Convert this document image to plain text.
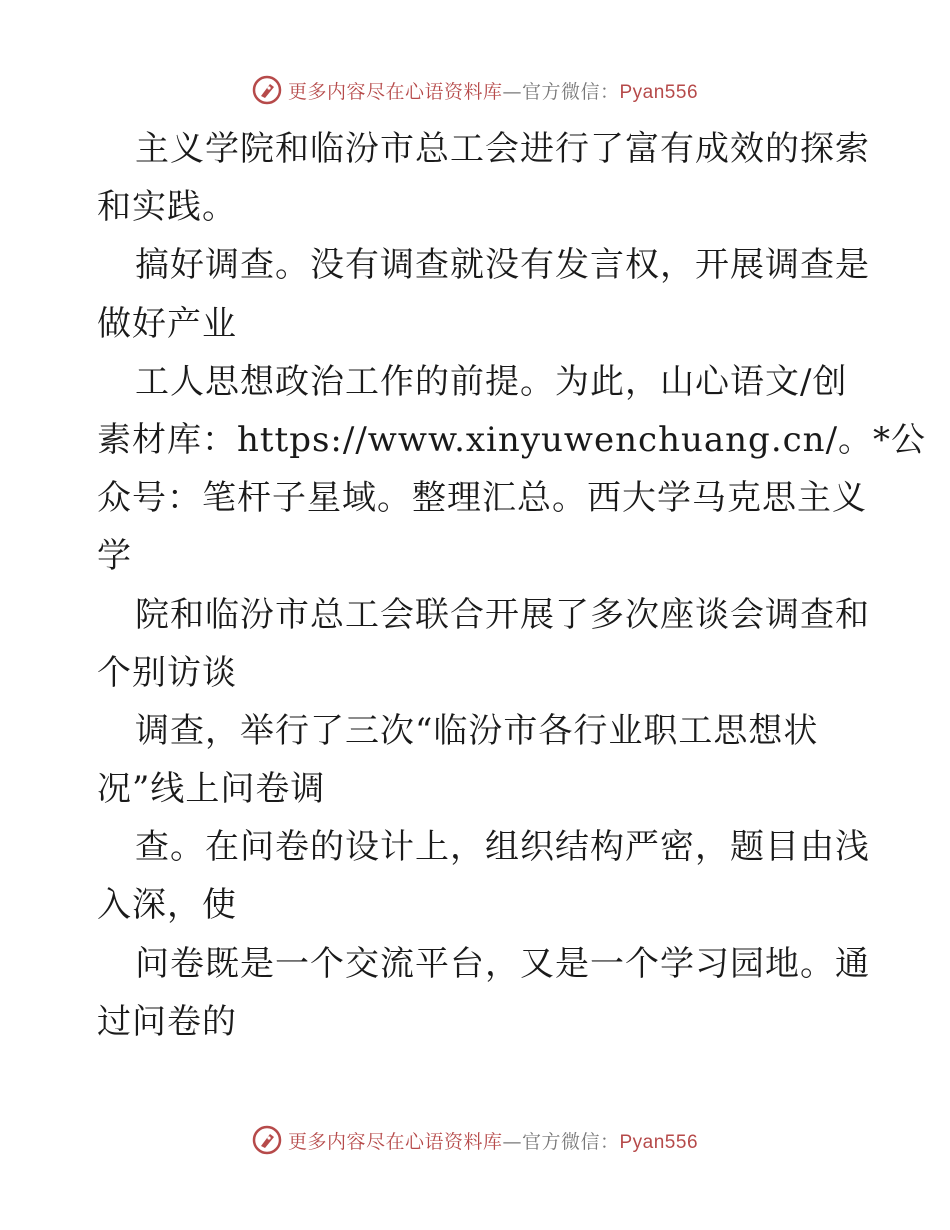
更多内容尽在心语资料库—官方微信：Pyan556
主义学院和临汾市总工会进行了富有成效的探索
和实践。
搞好调查。没有调查就没有发言权，开展调查是
做好产业
工人思想政治工作的前提。为此，山心语文/创
素材库：https://www.xinyuwenchuang.cn/。*公
众号：笔杆子星域。整理汇总。西大学马克思主义
学
院和临汾市总工会联合开展了多次座谈会调查和
个别访谈
调查，举行了三次“临汾市各行业职工思想状
况”线上问卷调
查。在问卷的设计上，组织结构严密，题目由浅
入深，使
问卷既是一个交流平台，又是一个学习园地。通
过问卷的
更多内容尽在心语资料库—官方微信：Pyan556
